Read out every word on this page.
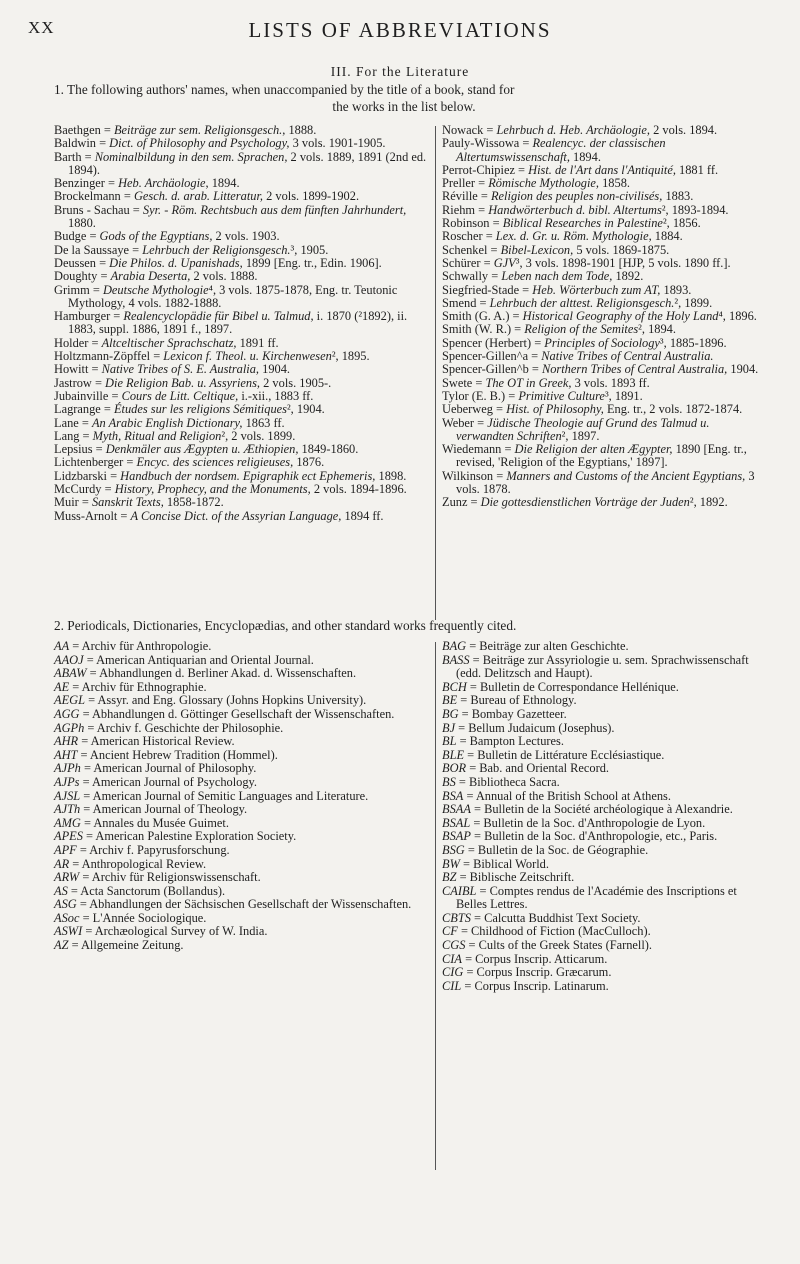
XX	LISTS OF ABBREVIATIONS
III. For the Literature
1. The following authors' names, when unaccompanied by the title of a book, stand for
the works in the list below.

Baethgen = Beiträge zur sem. Religionsgesch., 1888.

Baldwin = Dict. of Philosophy and Psychology, 3 vols. 1901-1905.

Barth = Nominalbildung in den sem. Sprachen, 2 vols. 1889, 1891 (2nd ed. 1894).

Benzinger = Heb. Archäologie, 1894.

Brockelmann = Gesch. d. arab. Litteratur, 2 vols. 1899-1902.

Bruns - Sachau = Syr. - Röm. Rechtsbuch aus dem fünften Jahrhundert, 1880.

Budge = Gods of the Egyptians, 2 vols. 1903.

De la Saussaye = Lehrbuch der Religionsgesch.³, 1905.

Deussen = Die Philos. d. Upanishads, 1899 [Eng. tr., Edin. 1906].

Doughty = Arabia Deserta, 2 vols. 1888.

Grimm = Deutsche Mythologie⁴, 3 vols. 1875-1878, Eng. tr. Teutonic Mythology, 4 vols. 1882-1888.

Hamburger = Realencyclopädie für Bibel u. Talmud, i. 1870 (²1892), ii. 1883, suppl. 1886, 1891 f., 1897.

Holder = Altceltischer Sprachschatz, 1891 ff.

Holtzmann-Zöpffel = Lexicon f. Theol. u. Kirchenwesen², 1895.

Howitt = Native Tribes of S. E. Australia, 1904.

Jastrow = Die Religion Bab. u. Assyriens, 2 vols. 1905-.

Jubainville = Cours de Litt. Celtique, i.-xii., 1883 ff.

Lagrange = Études sur les religions Sémitiques², 1904.

Lane = An Arabic English Dictionary, 1863 ff.

Lang = Myth, Ritual and Religion², 2 vols. 1899.

Lepsius = Denkmäler aus Ægypten u. Æthiopien, 1849-1860.

Lichtenberger = Encyc. des sciences religieuses, 1876.

Lidzbarski = Handbuch der nordsem. Epigraphik ect Ephemeris, 1898.

McCurdy = History, Prophecy, and the Monuments, 2 vols. 1894-1896.

Muir = Sanskrit Texts, 1858-1872.

Muss-Arnolt = A Concise Dict. of the Assyrian Language, 1894 ff.

Nowack = Lehrbuch d. Heb. Archäologie, 2 vols. 1894.

Pauly-Wissowa = Realencyc. der classischen Altertumswissenschaft, 1894.

Perrot-Chipiez = Hist. de l'Art dans l'Antiquité, 1881 ff.

Preller = Römische Mythologie, 1858.

Réville = Religion des peuples non-civilisés, 1883.

Riehm = Handwörterbuch d. bibl. Altertums², 1893-1894.

Robinson = Biblical Researches in Palestine², 1856.

Roscher = Lex. d. Gr. u. Röm. Mythologie, 1884.

Schenkel = Bibel-Lexicon, 5 vols. 1869-1875.

Schürer = GJV³, 3 vols. 1898-1901 [HJP, 5 vols. 1890 ff.].

Schwally = Leben nach dem Tode, 1892.

Siegfried-Stade = Heb. Wörterbuch zum AT, 1893.

Smend = Lehrbuch der alttest. Religionsgesch.², 1899.

Smith (G. A.) = Historical Geography of the Holy Land⁴, 1896.

Smith (W. R.) = Religion of the Semites², 1894.

Spencer (Herbert) = Principles of Sociology³, 1885-1896.

Spencer-Gillen^a = Native Tribes of Central Australia.

Spencer-Gillen^b = Northern Tribes of Central Australia, 1904.

Swete = The OT in Greek, 3 vols. 1893 ff.

Tylor (E. B.) = Primitive Culture³, 1891.

Ueberweg = Hist. of Philosophy, Eng. tr., 2 vols. 1872-1874.

Weber = Jüdische Theologie auf Grund des Talmud u. verwandten Schriften², 1897.

Wiedemann = Die Religion der alten Ægypter, 1890 [Eng. tr., revised, 'Religion of the Egyptians,' 1897].

Wilkinson = Manners and Customs of the Ancient Egyptians, 3 vols. 1878.

Zunz = Die gottesdienstlichen Vorträge der Juden², 1892.

2. Periodicals, Dictionaries, Encyclopædias, and other standard works frequently cited.

AA = Archiv für Anthropologie.

AAOJ = American Antiquarian and Oriental Journal.

ABAW = Abhandlungen d. Berliner Akad. d. Wissenschaften.

AE = Archiv für Ethnographie.

AEGL = Assyr. and Eng. Glossary (Johns Hopkins University).

AGG = Abhandlungen d. Göttinger Gesellschaft der Wissenschaften.

AGPh = Archiv f. Geschichte der Philosophie.

AHR = American Historical Review.

AHT = Ancient Hebrew Tradition (Hommel).

AJPh = American Journal of Philosophy.

AJPs = American Journal of Psychology.

AJSL = American Journal of Semitic Languages and Literature.

AJTh = American Journal of Theology.

AMG = Annales du Musée Guimet.

APES = American Palestine Exploration Society.

APF = Archiv f. Papyrusforschung.

AR = Anthropological Review.

ARW = Archiv für Religionswissenschaft.

AS = Acta Sanctorum (Bollandus).

ASG = Abhandlungen der Sächsischen Gesellschaft der Wissenschaften.

ASoc = L'Année Sociologique.

ASWI = Archæological Survey of W. India.

AZ = Allgemeine Zeitung.

BAG = Beiträge zur alten Geschichte.

BASS = Beiträge zur Assyriologie u. sem. Sprachwissenschaft (edd. Delitzsch and Haupt).

BCH = Bulletin de Correspondance Hellénique.

BE = Bureau of Ethnology.

BG = Bombay Gazetteer.

BJ = Bellum Judaicum (Josephus).

BL = Bampton Lectures.

BLE = Bulletin de Littérature Ecclésiastique.

BOR = Bab. and Oriental Record.

BS = Bibliotheca Sacra.

BSA = Annual of the British School at Athens.

BSAA = Bulletin de la Société archéologique à Alexandrie.

BSAL = Bulletin de la Soc. d'Anthropologie de Lyon.

BSAP = Bulletin de la Soc. d'Anthropologie, etc., Paris.

BSG = Bulletin de la Soc. de Géographie.

BW = Biblical World.

BZ = Biblische Zeitschrift.

CAIBL = Comptes rendus de l'Académie des Inscriptions et Belles Lettres.

CBTS = Calcutta Buddhist Text Society.

CF = Childhood of Fiction (MacCulloch).

CGS = Cults of the Greek States (Farnell).

CIA = Corpus Inscrip. Atticarum.

CIG = Corpus Inscrip. Græcarum.

CIL = Corpus Inscrip. Latinarum.
